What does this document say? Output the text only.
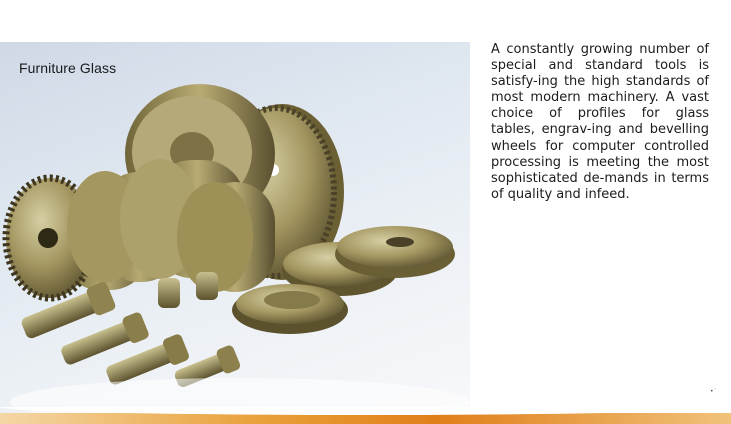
Furniture Glass

A constantly growing number of special and standard tools is satisfy-ing the high standards of most modern machinery. A vast choice of profiles for glass tables, engrav-ing and bevelling wheels for computer controlled processing is meeting the most sophisticated de-mands in terms of quality and infeed.

•˙
